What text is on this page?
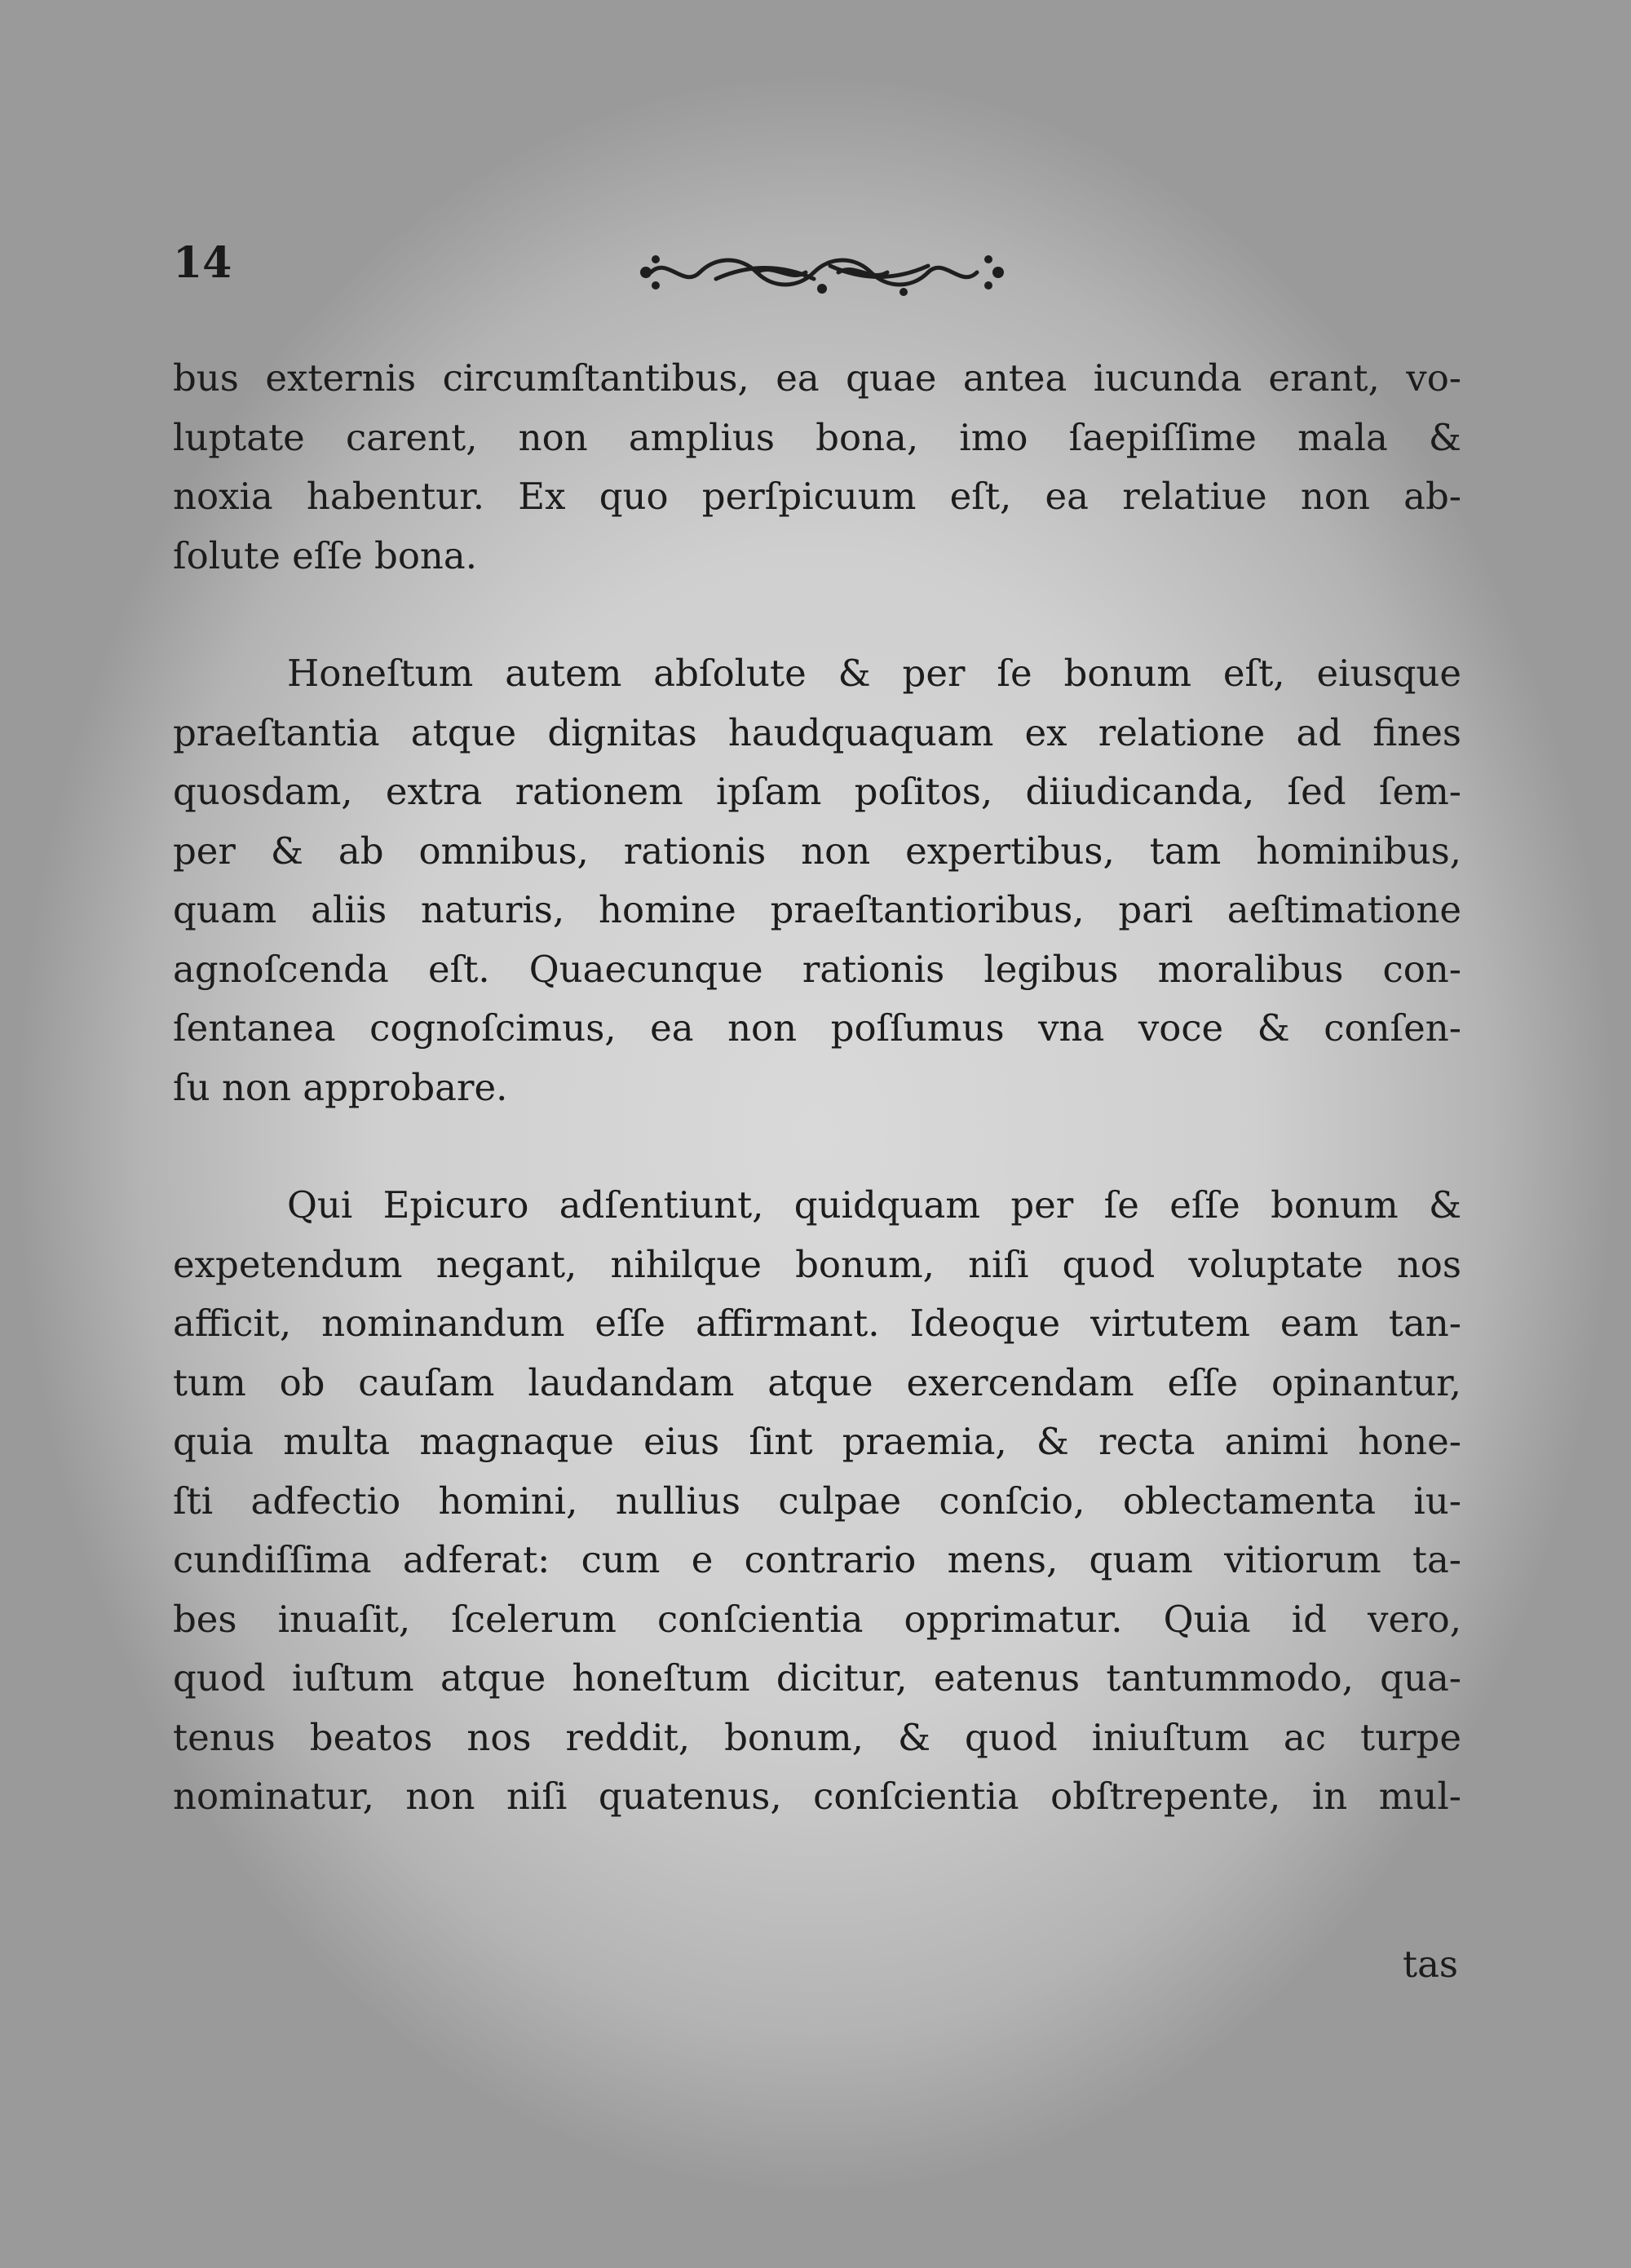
14
bus externis circumſtantibus, ea quae antea iucunda erant, vo-
luptate carent, non amplius bona, imo ſaepiſſime mala &
noxia habentur. Ex quo perſpicuum eſt, ea relatiue non ab-
ſolute eſſe bona.
Honeſtum autem abſolute & per ſe bonum eſt, eiusque
praeſtantia atque dignitas haudquaquam ex relatione ad fines
quosdam, extra rationem ipſam poſitos, diiudicanda, ſed ſem-
per & ab omnibus, rationis non expertibus, tam hominibus,
quam aliis naturis, homine praeſtantioribus, pari aeſtimatione
agnoſcenda eſt. Quaecunque rationis legibus moralibus con-
ſentanea cognoſcimus, ea non poſſumus vna voce & conſen-
ſu non approbare.
Qui Epicuro adſentiunt, quidquam per ſe eſſe bonum &
expetendum negant, nihilque bonum, niſi quod voluptate nos
afficit, nominandum eſſe affirmant. Ideoque virtutem eam tan-
tum ob cauſam laudandam atque exercendam eſſe opinantur,
quia multa magnaque eius ſint praemia, & recta animi hone-
ſti adfectio homini, nullius culpae conſcio, oblectamenta iu-
cundiſſima adferat: cum e contrario mens, quam vitiorum ta-
bes inuaſit, ſcelerum conſcientia opprimatur. Quia id vero,
quod iuſtum atque honeſtum dicitur, eatenus tantummodo, qua-
tenus beatos nos reddit, bonum, & quod iniuſtum ac turpe
nominatur, non niſi quatenus, conſcientia obſtrepente, in mul-
tas
